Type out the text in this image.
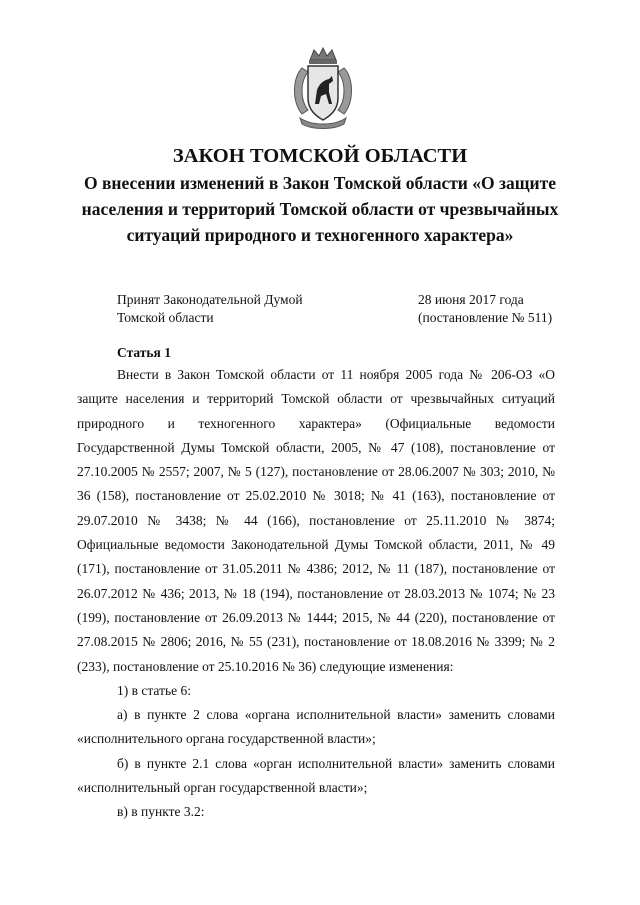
ЗАКОН ТОМСКОЙ ОБЛАСТИ

О внесении изменений в Закон Томской области «О защите населения и территорий Томской области от чрезвычайных ситуаций природного и техногенного характера»

Принят Законодательной Думой
Томской области
28 июня 2017 года
(постановление № 511)

Статья 1

Внести в Закон Томской области от 11 ноября 2005 года № 206-ОЗ «О защите населения и территорий Томской области от чрезвычайных ситуаций природного и техногенного характера» (Официальные ведомости Государственной Думы Томской области, 2005, № 47 (108), постановление от 27.10.2005 № 2557; 2007, № 5 (127), постановление от 28.06.2007 № 303; 2010, № 36 (158), постановление от 25.02.2010 № 3018; № 41 (163), постановление от 29.07.2010 № 3438; № 44 (166), постановление от 25.11.2010 № 3874; Официальные ведомости Законодательной Думы Томской области, 2011, № 49 (171), постановление от 31.05.2011 № 4386; 2012, № 11 (187), постановление от 26.07.2012 № 436; 2013, № 18 (194), постановление от 28.03.2013 № 1074; № 23 (199), постановление от 26.09.2013 № 1444; 2015, № 44 (220), постановление от 27.08.2015 № 2806; 2016, № 55 (231), постановление от 18.08.2016 № 3399; № 2 (233), постановление от 25.10.2016 № 36) следующие изменения:

1) в статье 6:

а) в пункте 2 слова «органа исполнительной власти» заменить словами «исполнительного органа государственной власти»;

б) в пункте 2.1 слова «орган исполнительной власти» заменить словами «исполнительный орган государственной власти»;

в) в пункте 3.2:
